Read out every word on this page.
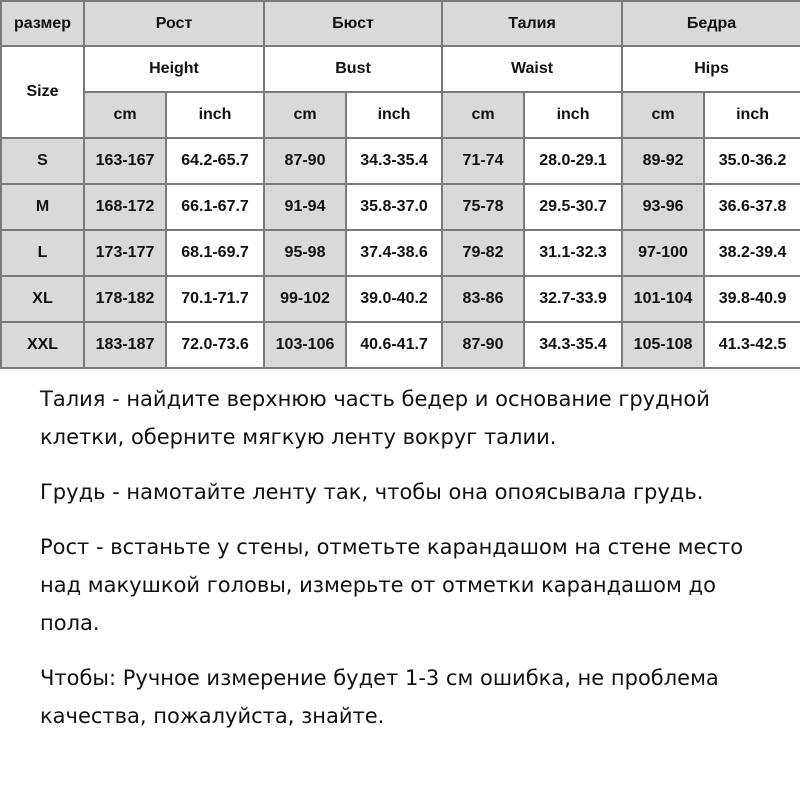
размер	Рост		Бюст		Талия		Бедра	
Size	Height		Bust		Waist		Hips	
	cm	inch	cm	inch	cm	inch	cm	inch
S	163-167	64.2-65.7	87-90	34.3-35.4	71-74	28.0-29.1	89-92	35.0-36.2
M	168-172	66.1-67.7	91-94	35.8-37.0	75-78	29.5-30.7	93-96	36.6-37.8
L	173-177	68.1-69.7	95-98	37.4-38.6	79-82	31.1-32.3	97-100	38.2-39.4
XL	178-182	70.1-71.7	99-102	39.0-40.2	83-86	32.7-33.9	101-104	39.8-40.9
XXL	183-187	72.0-73.6	103-106	40.6-41.7	87-90	34.3-35.4	105-108	41.3-42.5

Талия - найдите верхнюю часть бедер и основание грудной клетки, оберните мягкую ленту вокруг талии.

Грудь - намотайте ленту так, чтобы она опоясывала грудь.

Рост - встаньте у стены, отметьте карандашом на стене место над макушкой головы, измерьте от отметки карандашом до пола.

Чтобы: Ручное измерение будет 1-3 см ошибка, не проблема качества, пожалуйста, знайте.
